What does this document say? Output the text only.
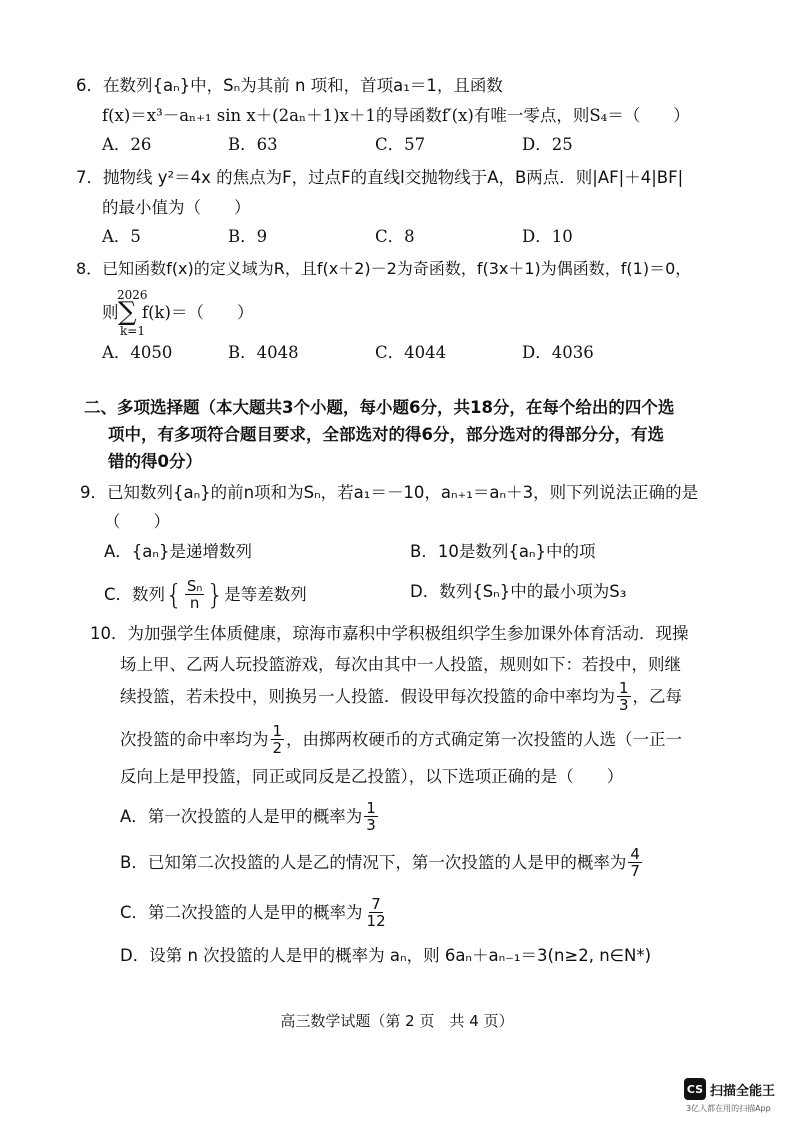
6．在数列{aₙ}中，Sₙ为其前 n 项和，首项a₁＝1，且函数
f(x)＝x³－aₙ₊₁ sin x＋(2aₙ＋1)x＋1的导函数f′(x)有唯一零点，则S₄＝（　　）
A．26	B．63	C．57	D．25
7．抛物线 y²＝4x 的焦点为F，过点F的直线l交抛物线于A，B两点．则|AF|＋4|BF|
的最小值为（　　）
A．5	B．9	C．8	D．10
8．已知函数f(x)的定义域为R，且f(x＋2)－2为奇函数，f(3x＋1)为偶函数，f(1)＝0，
则
2026
∑
k=1
f(k)＝（　　）
A．4050	B．4048	C．4044	D．4036
二、多项选择题（本大题共3个小题，每小题6分，共18分，在每个给出的四个选
项中，有多项符合题目要求，全部选对的得6分，部分选对的得部分分，有选
错的得0分）
9．已知数列{aₙ}的前n项和为Sₙ，若a₁＝－10，aₙ₊₁＝aₙ＋3，则下列说法正确的是
（　　）
A．{aₙ}是递增数列	B．10是数列{aₙ}中的项
C．数列 { $\frac{\text{Sₙ}}{n}$ } 是等差数列	D．数列{Sₙ}中的最小项为S₃
10．为加强学生体质健康，琼海市嘉积中学积极组织学生参加课外体育活动．现操
场上甲、乙两人玩投篮游戏，每次由其中一人投篮，规则如下：若投中，则继
续投篮，若未投中，则换另一人投篮．假设甲每次投篮的命中率均为 $\frac{1}{3}$ ，乙每
次投篮的命中率均为 $\frac{1}{2}$ ，由掷两枚硬币的方式确定第一次投篮的人选（一正一
反向上是甲投篮，同正或同反是乙投篮），以下选项正确的是（　　）
A．第一次投篮的人是甲的概率为 $\frac{1}{3}$
B．已知第二次投篮的人是乙的情况下，第一次投篮的人是甲的概率为 $\frac{4}{7}$
C．第二次投篮的人是甲的概率为 $\frac{7}{12}$
D．设第 n 次投篮的人是甲的概率为 aₙ，则 6aₙ＋aₙ₋₁＝3(n≥2, n∈N*)
高三数学试题（第 2 页　共 4 页）
CS 扫描全能王
3亿人都在用的扫描App
